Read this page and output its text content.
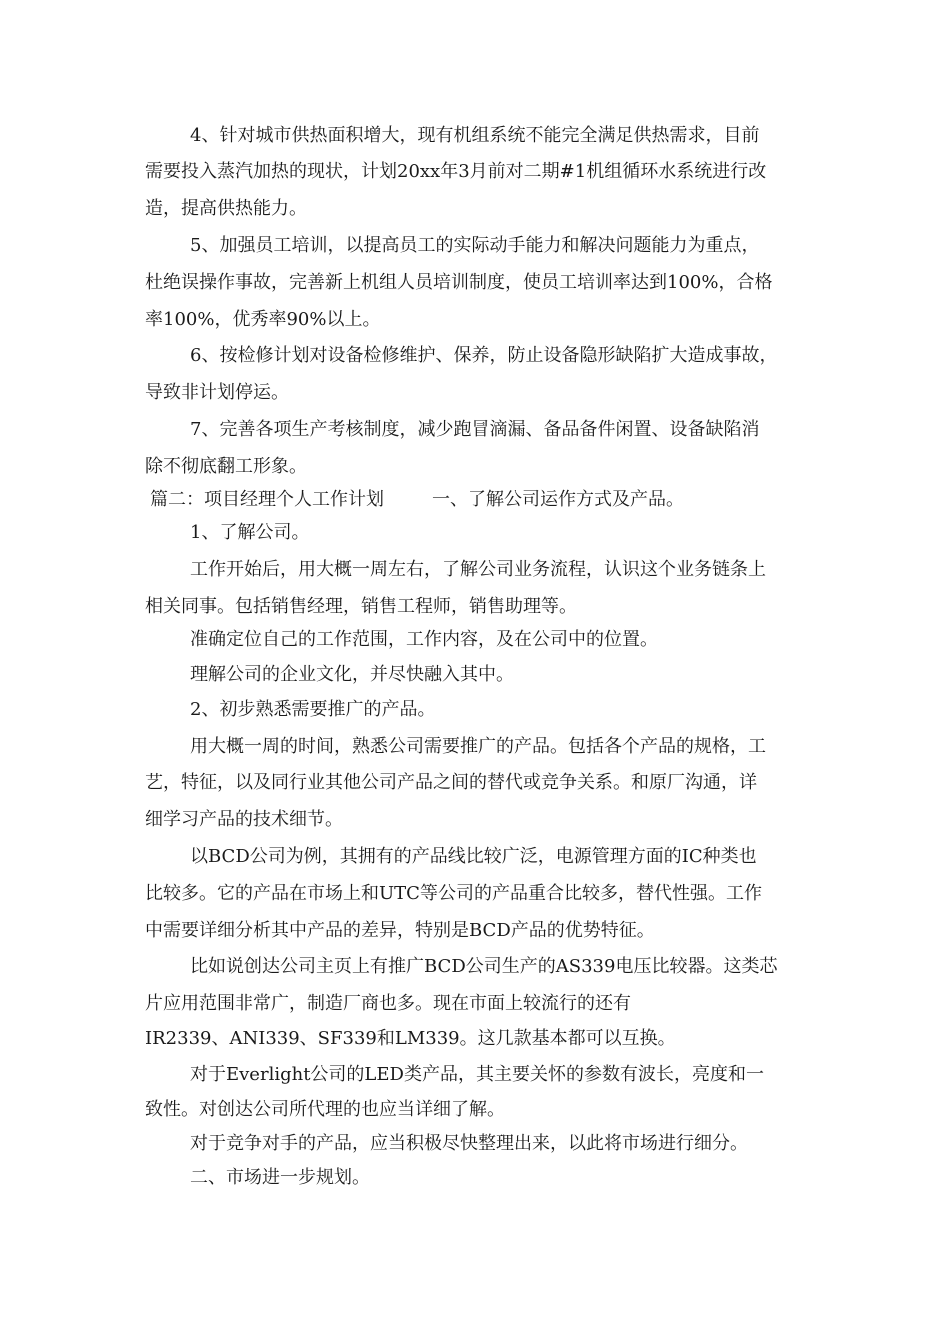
4、针对城市供热面积增大，现有机组系统不能完全满足供热需求，目前
需要投入蒸汽加热的现状，计划20xx年3月前对二期#1机组循环水系统进行改
造，提高供热能力。
5、加强员工培训，以提高员工的实际动手能力和解决问题能力为重点，
杜绝误操作事故，完善新上机组人员培训制度，使员工培训率达到100%，合格
率100%，优秀率90%以上。
6、按检修计划对设备检修维护、保养，防止设备隐形缺陷扩大造成事故，
导致非计划停运。
7、完善各项生产考核制度，减少跑冒滴漏、备品备件闲置、设备缺陷消
除不彻底翻工形象。
篇二：项目经理个人工作计划	一、了解公司运作方式及产品。
1、了解公司。
工作开始后，用大概一周左右，了解公司业务流程，认识这个业务链条上
相关同事。包括销售经理，销售工程师，销售助理等。
准确定位自己的工作范围，工作内容，及在公司中的位置。
理解公司的企业文化，并尽快融入其中。
2、初步熟悉需要推广的产品。
用大概一周的时间，熟悉公司需要推广的产品。包括各个产品的规格，工
艺，特征，以及同行业其他公司产品之间的替代或竞争关系。和原厂沟通，详
细学习产品的技术细节。
以BCD公司为例，其拥有的产品线比较广泛，电源管理方面的IC种类也
比较多。它的产品在市场上和UTC等公司的产品重合比较多，替代性强。工作
中需要详细分析其中产品的差异，特别是BCD产品的优势特征。
比如说创达公司主页上有推广BCD公司生产的AS339电压比较器。这类芯
片应用范围非常广，制造厂商也多。现在市面上较流行的还有
IR2339、ANI339、SF339和LM339。这几款基本都可以互换。
对于Everlight公司的LED类产品，其主要关怀的参数有波长，亮度和一
致性。对创达公司所代理的也应当详细了解。
对于竞争对手的产品，应当积极尽快整理出来，以此将市场进行细分。
二、市场进一步规划。
